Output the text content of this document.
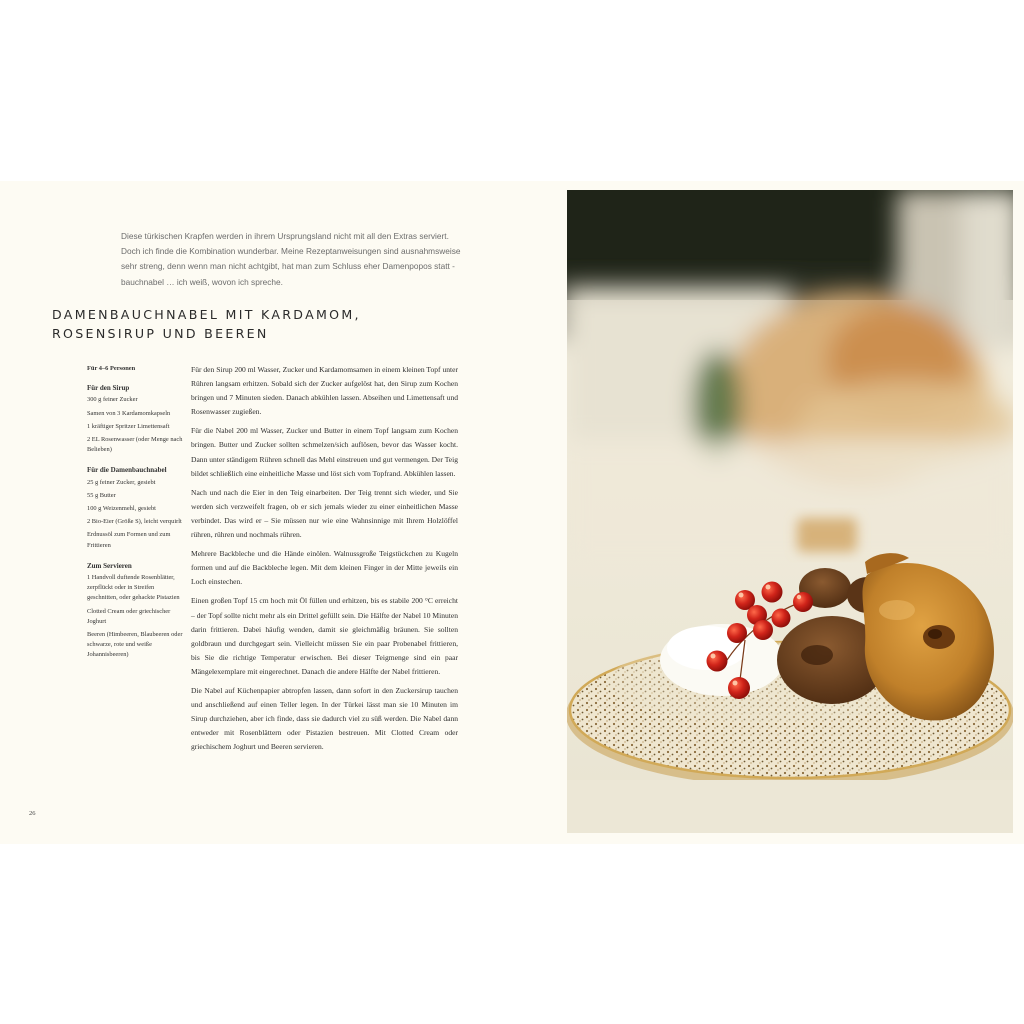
Diese türkischen Krapfen werden in ihrem Ursprungsland nicht mit all den Extras serviert. Doch ich finde die Kombination wunderbar. Meine Rezeptanweisungen sind ausnahmsweise sehr streng, denn wenn man nicht achtgibt, hat man zum Schluss eher Damenpopos statt -bauchnabel … ich weiß, wovon ich spreche.

DAMENBAUCHNABEL MIT KARDAMOM,
ROSENSIRUP UND BEEREN

Für 4–6 Personen

Für den Sirup

300 g feiner Zucker

Samen von 3 Kardamomkapseln

1 kräftiger Spritzer Limettensaft

2 EL Rosenwasser (oder Menge nach Belieben)

Für die Damenbauchnabel

25 g feiner Zucker, gesiebt

55 g Butter

100 g Weizenmehl, gesiebt

2 Bio-Eier (Größe S), leicht verquirlt

Erdnussöl zum Formen und zum Frittieren

Zum Servieren

1 Handvoll duftende Rosenblätter, zerpflückt oder in Streifen geschnitten, oder gehackte Pistazien

Clotted Cream oder griechischer Joghurt

Beeren (Himbeeren, Blaubeeren oder schwarze, rote und weiße Johannisbeeren)

Für den Sirup 200 ml Wasser, Zucker und Kardamomsamen in einem kleinen Topf unter Rühren langsam erhitzen. Sobald sich der Zucker aufgelöst hat, den Sirup zum Kochen bringen und 7 Minuten sieden. Danach abkühlen lassen. Abseihen und Limettensaft und Rosenwasser zugießen.

Für die Nabel 200 ml Wasser, Zucker und Butter in einem Topf langsam zum Kochen bringen. Butter und Zucker sollten schmelzen/sich auflösen, bevor das Wasser kocht. Dann unter ständigem Rühren schnell das Mehl einstreuen und gut vermengen. Der Teig bildet schließlich eine einheitliche Masse und löst sich vom Topfrand. Abkühlen lassen.

Nach und nach die Eier in den Teig einarbeiten. Der Teig trennt sich wieder, und Sie werden sich verzweifelt fragen, ob er sich jemals wieder zu einer einheitlichen Masse verbindet. Das wird er – Sie müssen nur wie eine Wahnsinnige mit Ihrem Holzlöffel rühren, rühren und nochmals rühren.

Mehrere Backbleche und die Hände einölen. Walnussgroße Teigstückchen zu Kugeln formen und auf die Backbleche legen. Mit dem kleinen Finger in der Mitte jeweils ein Loch einstechen.

Einen großen Topf 15 cm hoch mit Öl füllen und erhitzen, bis es stabile 200 °C erreicht – der Topf sollte nicht mehr als ein Drittel gefüllt sein. Die Hälfte der Nabel 10 Minuten darin frittieren. Dabei häufig wenden, damit sie gleichmäßig bräunen. Sie sollten goldbraun und durchgegart sein. Vielleicht müssen Sie ein paar Probenabel frittieren, bis Sie die richtige Temperatur erwischen. Bei dieser Teigmenge sind ein paar Mängelexemplare mit eingerechnet. Danach die andere Hälfte der Nabel frittieren.

Die Nabel auf Küchenpapier abtropfen lassen, dann sofort in den Zuckersirup tauchen und anschließend auf einen Teller legen. In der Türkei lässt man sie 10 Minuten im Sirup durchziehen, aber ich finde, dass sie dadurch viel zu süß werden. Die Nabel dann entweder mit Rosenblättern oder Pistazien bestreuen. Mit Clotted Cream oder griechischem Joghurt und Beeren servieren.

26
